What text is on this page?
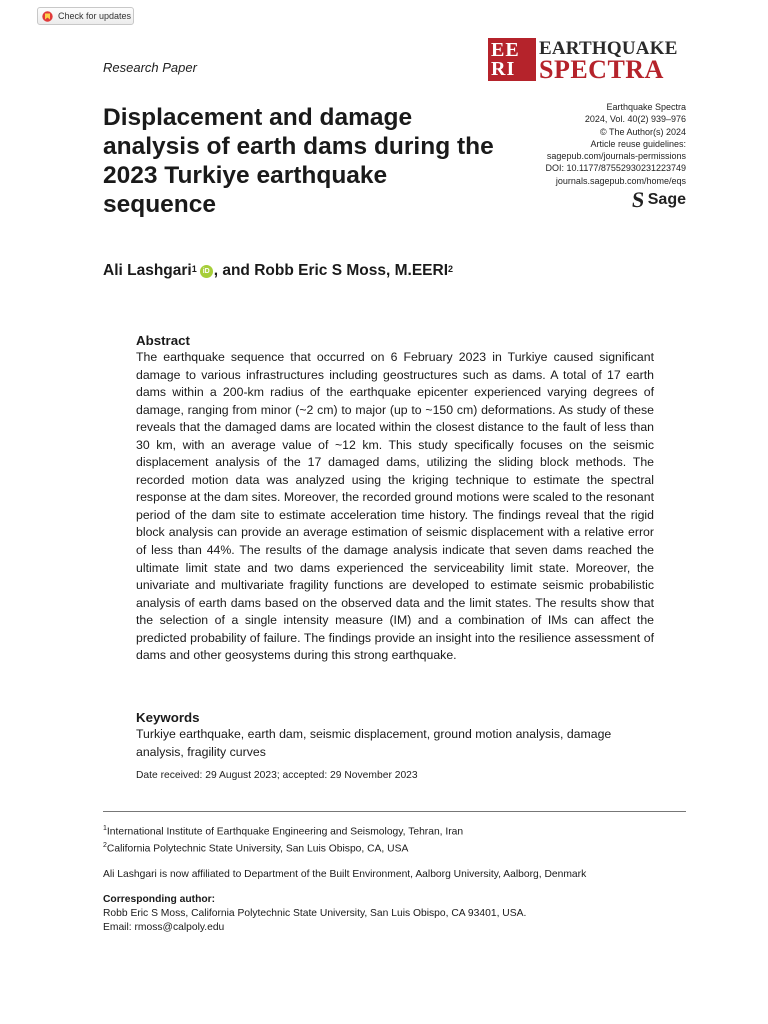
Check for updates
Research Paper
EE
RI
EARTHQUAKE
SPECTRA
Displacement and damage analysis of earth dams during the 2023 Turkiye earthquake sequence
Earthquake Spectra
2024, Vol. 40(2) 939–976
© The Author(s) 2024
Article reuse guidelines:
sagepub.com/journals-permissions
DOI: 10.1177/87552930231223749
journals.sagepub.com/home/eqs
S Sage
Ali Lashgari$^1$ iD , and Robb Eric S Moss, M.EERI$^2$
Abstract

The earthquake sequence that occurred on 6 February 2023 in Turkiye caused significant damage to various infrastructures including geostructures such as dams. A total of 17 earth dams within a 200-km radius of the earthquake epicenter experienced varying degrees of damage, ranging from minor (~2 cm) to major (up to ~150 cm) deformations. As study of these reveals that the damaged dams are located within the closest distance to the fault of less than 30 km, with an average value of ~12 km. This study specifically focuses on the seismic displacement analysis of the 17 damaged dams, utilizing the sliding block methods. The recorded motion data was analyzed using the kriging technique to estimate the spectral response at the dam sites. Moreover, the recorded ground motions were scaled to the resonant period of the dam site to estimate acceleration time history. The findings reveal that the rigid block analysis can provide an average estimation of seismic displacement with a relative error of less than 44%. The results of the damage analysis indicate that seven dams reached the ultimate limit state and two dams experienced the serviceability limit state. Moreover, the univariate and multivariate fragility functions are developed to estimate seismic probabilistic analysis of earth dams based on the observed data and the limit states. The results show that the selection of a single intensity measure (IM) and a combination of IMs can affect the predicted probability of failure. The findings provide an insight into the resilience assessment of dams and other geosystems during this strong earthquake.

Keywords

Turkiye earthquake, earth dam, seismic displacement, ground motion analysis, damage analysis, fragility curves

Date received: 29 August 2023; accepted: 29 November 2023
$^1$International Institute of Earthquake Engineering and Seismology, Tehran, Iran
$^2$California Polytechnic State University, San Luis Obispo, CA, USA
Ali Lashgari is now affiliated to Department of the Built Environment, Aalborg University, Aalborg, Denmark
Corresponding author:
Robb Eric S Moss, California Polytechnic State University, San Luis Obispo, CA 93401, USA.
Email: rmoss@calpoly.edu
